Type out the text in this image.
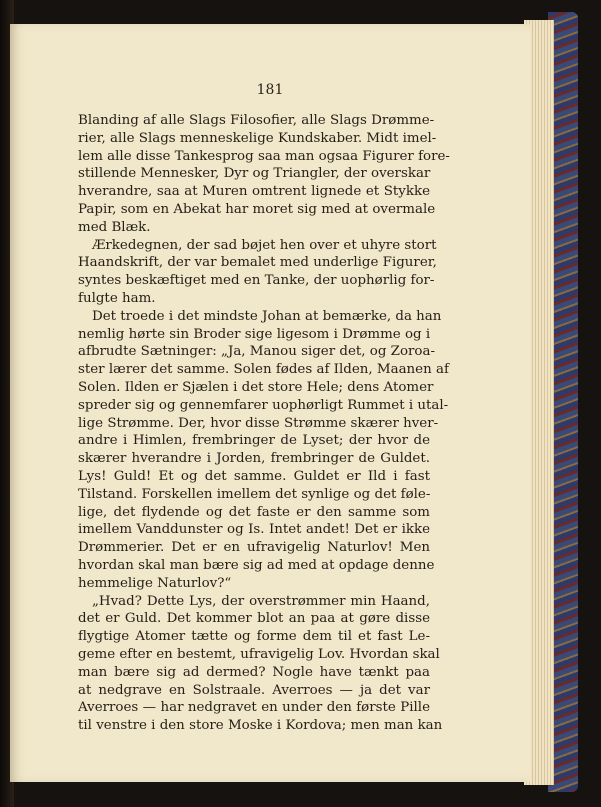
181
Blanding af alle Slags Filosofier, alle Slags Drømme-
rier, alle Slags menneskelige Kundskaber. Midt imel-
lem alle disse Tankesprog saa man ogsaa Figurer fore-
stillende Mennesker, Dyr og Triangler, der overskar
hverandre, saa at Muren omtrent lignede et Stykke
Papir, som en Abekat har moret sig med at overmale
med Blæk.
Ærkedegnen, der sad bøjet hen over et uhyre stort
Haandskrift, der var bemalet med underlige Figurer,
syntes beskæftiget med en Tanke, der uophørlig for-
fulgte ham.
Det troede i det mindste Johan at bemærke, da han
nemlig hørte sin Broder sige ligesom i Drømme og i
afbrudte Sætninger: „Ja, Manou siger det, og Zoroa-
ster lærer det samme. Solen fødes af Ilden, Maanen af
Solen. Ilden er Sjælen i det store Hele; dens Atomer
spreder sig og gennemfarer uophørligt Rummet i utal-
lige Strømme. Der, hvor disse Strømme skærer hver-
andre i Himlen, frembringer de Lyset; der hvor de
skærer hverandre i Jorden, frembringer de Guldet.
Lys! Guld! Et og det samme. Guldet er Ild i fast
Tilstand. Forskellen imellem det synlige og det føle-
lige, det flydende og det faste er den samme som
imellem Vanddunster og Is. Intet andet! Det er ikke
Drømmerier. Det er en ufravigelig Naturlov! Men
hvordan skal man bære sig ad med at opdage denne
hemmelige Naturlov?“
„Hvad? Dette Lys, der overstrømmer min Haand,
det er Guld. Det kommer blot an paa at gøre disse
flygtige Atomer tætte og forme dem til et fast Le-
geme efter en bestemt, ufravigelig Lov. Hvordan skal
man bære sig ad dermed? Nogle have tænkt paa
at nedgrave en Solstraale. Averroes — ja det var
Averroes — har nedgravet en under den første Pille
til venstre i den store Moske i Kordova; men man kan
